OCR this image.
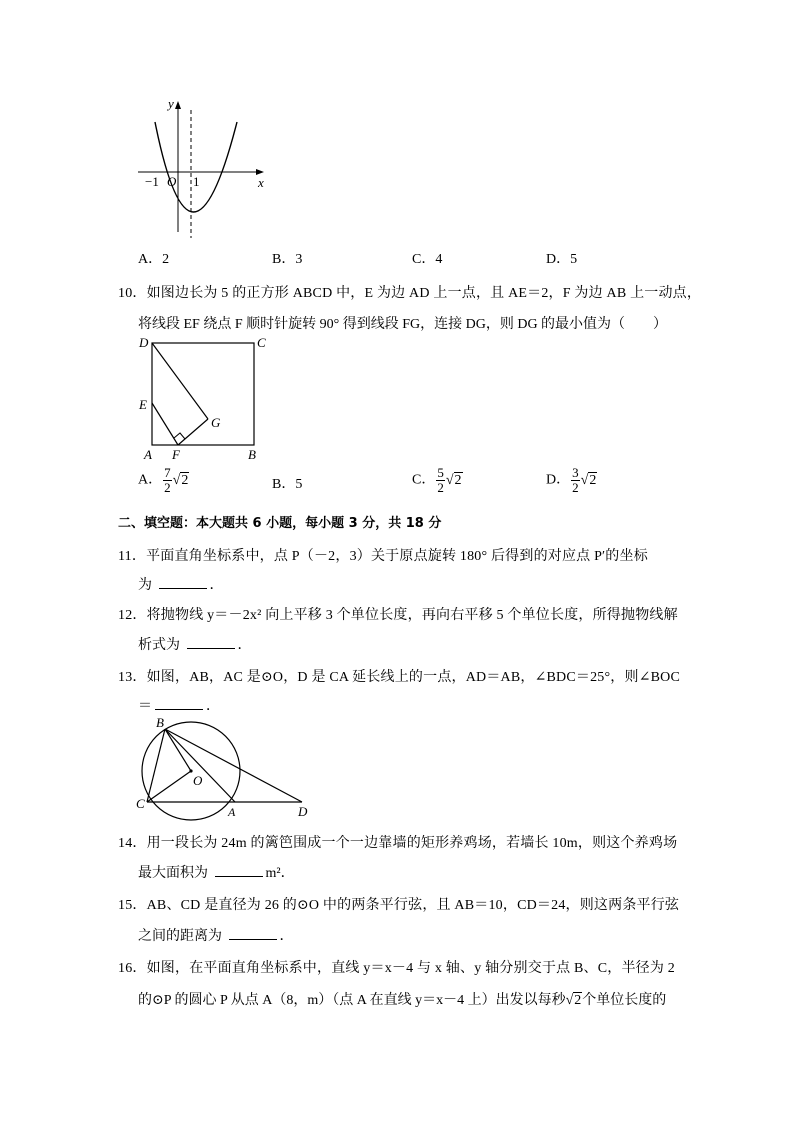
y
x
−1 O 1
A．2	B．3	C．4	D．5
10．如图边长为 5 的正方形 ABCD 中，E 为边 AD 上一点，且 AE＝2，F 为边 AB 上一动点，
将线段 EF 绕点 F 顺时针旋转 90° 得到线段 FG，连接 DG，则 DG 的最小值为（　　）
D	C
E
G
A F	B
A． $\frac{7}{2} √2$	B．5	C． $\frac{5}{2} √2$	D． $\frac{3}{2} √2$
二、填空题：本大题共 6 小题，每小题 3 分，共 18 分
11．平面直角坐标系中，点 P（－2，3）关于原点旋转 180° 后得到的对应点 P′的坐标
为	．
12．将抛物线 y＝－2x² 向上平移 3 个单位长度，再向右平移 5 个单位长度，所得抛物线解
析式为	．
13．如图，AB，AC 是⊙O，D 是 CA 延长线上的一点，AD＝AB，∠BDC＝25°，则∠BOC
＝	．
B
O
C
A	D
14．用一段长为 24m 的篱笆围成一个一边靠墙的矩形养鸡场，若墙长 10m，则这个养鸡场
最大面积为	m²．
15．AB、CD 是直径为 26 的⊙O 中的两条平行弦，且 AB＝10，CD＝24，则这两条平行弦
之间的距离为	．
16．如图，在平面直角坐标系中，直线 y＝x－4 与 x 轴、y 轴分别交于点 B、C，半径为 2
的⊙P 的圆心 P 从点 A（8，m）（点 A 在直线 y＝x－4 上）出发以每秒√2个单位长度的
